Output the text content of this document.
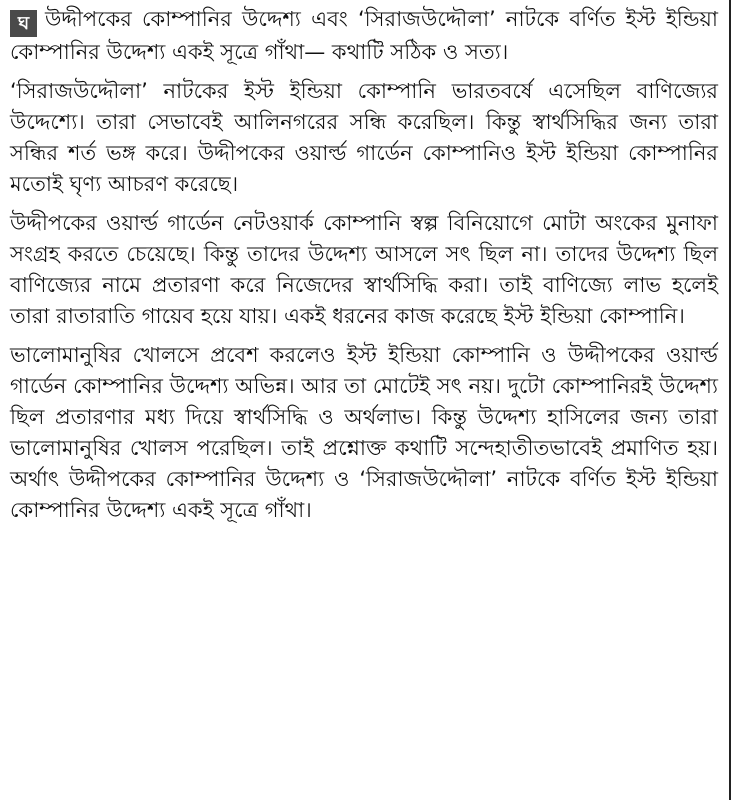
ঘ উদ্দীপকের কোম্পানির উদ্দেশ্য এবং ‘সিরাজউদ্দৌলা’ নাটকে বর্ণিত ইস্ট ইন্ডিয়া কোম্পানির উদ্দেশ্য একই সূত্রে গাঁথা— কথাটি সঠিক ও সত্য।

‘সিরাজউদ্দৌলা’ নাটকের ইস্ট ইন্ডিয়া কোম্পানি ভারতবর্ষে এসেছিল বাণিজ্যের উদ্দেশ্যে। তারা সেভাবেই আলিনগরের সন্ধি করেছিল। কিন্তু স্বার্থসিদ্ধির জন্য তারা সন্ধির শর্ত ভঙ্গ করে। উদ্দীপকের ওয়ার্ল্ড গার্ডেন কোম্পানিও ইস্ট ইন্ডিয়া কোম্পানির মতোই ঘৃণ্য আচরণ করেছে।

উদ্দীপকের ওয়ার্ল্ড গার্ডেন নেটওয়ার্ক কোম্পানি স্বল্প বিনিয়োগে মোটা অংকের মুনাফা সংগ্রহ করতে চেয়েছে। কিন্তু তাদের উদ্দেশ্য আসলে সৎ ছিল না। তাদের উদ্দেশ্য ছিল বাণিজ্যের নামে প্রতারণা করে নিজেদের স্বার্থসিদ্ধি করা। তাই বাণিজ্যে লাভ হলেই তারা রাতারাতি গায়েব হয়ে যায়। একই ধরনের কাজ করেছে ইস্ট ইন্ডিয়া কোম্পানি।

ভালোমানুষির খোলসে প্রবেশ করলেও ইস্ট ইন্ডিয়া কোম্পানি ও উদ্দীপকের ওয়ার্ল্ড গার্ডেন কোম্পানির উদ্দেশ্য অভিন্ন। আর তা মোটেই সৎ নয়। দুটো কোম্পানিরই উদ্দেশ্য ছিল প্রতারণার মধ্য দিয়ে স্বার্থসিদ্ধি ও অর্থলাভ। কিন্তু উদ্দেশ্য হাসিলের জন্য তারা ভালোমানুষির খোলস পরেছিল। তাই প্রশ্নোক্ত কথাটি সন্দেহাতীতভাবেই প্রমাণিত হয়। অর্থাৎ উদ্দীপকের কোম্পানির উদ্দেশ্য ও ‘সিরাজউদ্দৌলা’ নাটকে বর্ণিত ইস্ট ইন্ডিয়া কোম্পানির উদ্দেশ্য একই সূত্রে গাঁথা।
